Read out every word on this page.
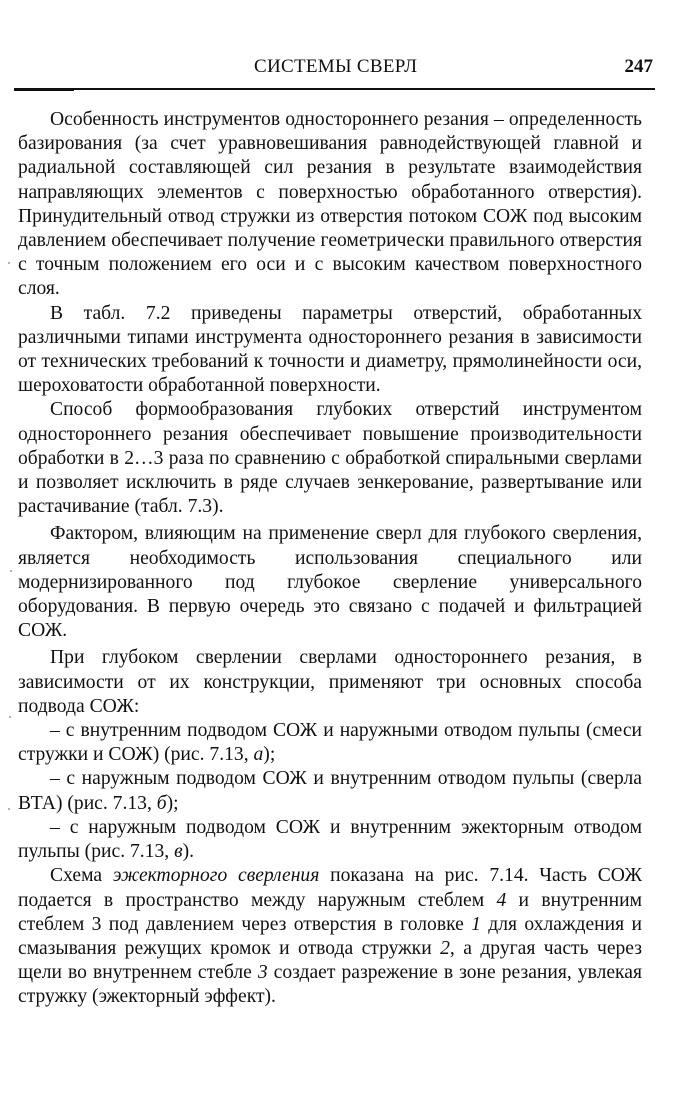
СИСТЕМЫ СВЕРЛ	247

Особенность инструментов одностороннего резания – определенность базирования (за счет уравновешивания равнодействующей главной и радиальной составляющей сил резания в результате взаимодействия направляющих элементов с поверхностью обработанного отверстия). Принудительный отвод стружки из отверстия потоком СОЖ под высоким давлением обеспечивает получение геометрически правильного отверстия с точным положением его оси и с высоким качеством поверхностного слоя.

В табл. 7.2 приведены параметры отверстий, обработанных различными типами инструмента одностороннего резания в зависимости от технических требований к точности и диаметру, прямолинейности оси, шероховатости обработанной поверхности.

Способ формообразования глубоких отверстий инструментом одностороннего резания обеспечивает повышение производительности обработки в 2…3 раза по сравнению с обработкой спиральными сверлами и позволяет исключить в ряде случаев зенкерование, развертывание или растачивание (табл. 7.3).

Фактором, влияющим на применение сверл для глубокого сверления, является необходимость использования специального или модернизированного под глубокое сверление универсального оборудования. В первую очередь это связано с подачей и фильтрацией СОЖ.

При глубоком сверлении сверлами одностороннего резания, в зависимости от их конструкции, применяют три основных способа подвода СОЖ:

– с внутренним подводом СОЖ и наружными отводом пульпы (смеси стружки и СОЖ) (рис. 7.13, а);

– с наружным подводом СОЖ и внутренним отводом пульпы (сверла ВТА) (рис. 7.13, б);

– с наружным подводом СОЖ и внутренним эжекторным отводом пульпы (рис. 7.13, в).

Схема эжекторного сверления показана на рис. 7.14. Часть СОЖ подается в пространство между наружным стеблем 4 и внутренним стеблем 3 под давлением через отверстия в головке 1 для охлаждения и смазывания режущих кромок и отвода стружки 2, а другая часть через щели во внутреннем стебле 3 создает разрежение в зоне резания, увлекая стружку (эжекторный эффект).
